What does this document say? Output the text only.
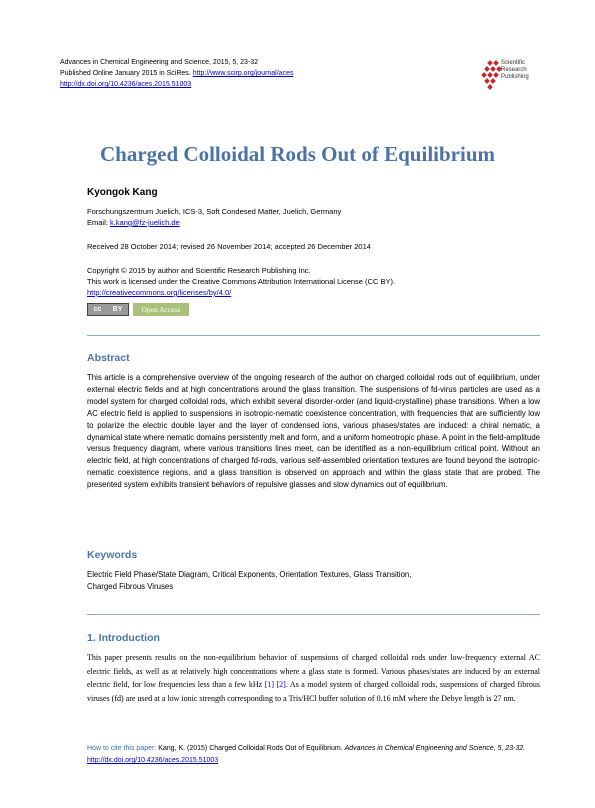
Advances in Chemical Engineering and Science, 2015, 5, 23-32
Published Online January 2015 in SciRes. http://www.scirp.org/journal/aces
http://dx.doi.org/10.4236/aces.2015.51003
Scientific
Research
Publishing
Charged Colloidal Rods Out of Equilibrium
Kyongok Kang
Forschungszentrum Juelich, ICS-3, Soft Condesed Matter, Juelich, Germany
Email: k.kang@fz-juelich.de
Received 28 October 2014; revised 26 November 2014; accepted 26 December 2014
Copyright © 2015 by author and Scientific Research Publishing Inc.
This work is licensed under the Creative Commons Attribution International License (CC BY).
http://creativecommons.org/licenses/by/4.0/
cc BY	Open Access
Abstract
This article is a comprehensive overview of the ongoing research of the author on charged colloidal rods out of equilibrium, under external electric fields and at high concentrations around the glass transition. The suspensions of fd-virus particles are used as a model system for charged colloidal rods, which exhibit several disorder-order (and liquid-crystalline) phase transitions. When a low AC electric field is applied to suspensions in isotropic-nematic coexistence concentration, with frequencies that are sufficiently low to polarize the electric double layer and the layer of condensed ions, various phases/states are induced: a chiral nematic, a dynamical state where nematic domains persistently melt and form, and a uniform homeotropic phase. A point in the field-amplitude versus frequency diagram, where various transitions lines meet, can be identified as a non-equilibrium critical point. Without an electric field, at high concentrations of charged fd-rods, various self-assembled orientation textures are found beyond the isotropic-nematic coexistence regions, and a glass transition is observed on approach and within the glass state that are probed. The presented system exhibits transient behaviors of repulsive glasses and slow dynamics out of equilibrium.
Keywords
Electric Field Phase/State Diagram, Critical Exponents, Orientation Textures, Glass Transition,
Charged Fibrous Viruses
1. Introduction
This paper presents results on the non-equilibrium behavior of suspensions of charged colloidal rods under low-frequency external AC electric fields, as well as at relatively high concentrations where a glass state is formed. Various phases/states are induced by an external electric field, for low frequencies less than a few kHz [1] [2]. As a model system of charged colloidal rods, suspensions of charged fibrous viruses (fd) are used at a low ionic strength corresponding to a Tris/HCl buffer solution of 0.16 mM where the Debye length is 27 nm.
How to cite this paper: Kang, K. (2015) Charged Colloidal Rods Out of Equilibrium. Advances in Chemical Engineering and Science, 5, 23-32. http://dx.doi.org/10.4236/aces.2015.51003
